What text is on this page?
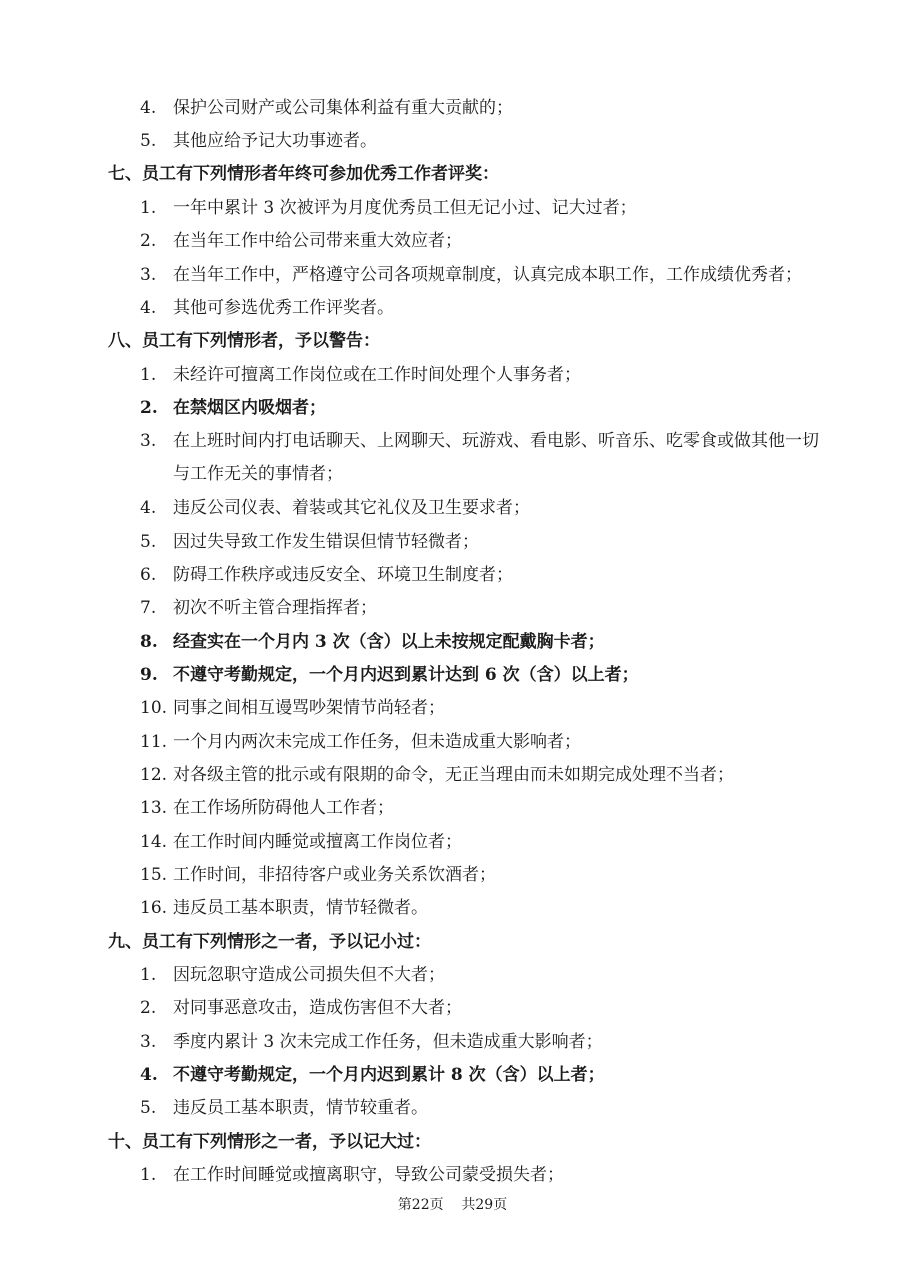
4. 保护公司财产或公司集体利益有重大贡献的；
5. 其他应给予记大功事迹者。
七、员工有下列情形者年终可参加优秀工作者评奖：
1. 一年中累计 3 次被评为月度优秀员工但无记小过、记大过者；
2. 在当年工作中给公司带来重大效应者；
3. 在当年工作中，严格遵守公司各项规章制度，认真完成本职工作，工作成绩优秀者；
4. 其他可参选优秀工作评奖者。
八、员工有下列情形者，予以警告：
1. 未经许可擅离工作岗位或在工作时间处理个人事务者；
2. 在禁烟区内吸烟者；
3. 在上班时间内打电话聊天、上网聊天、玩游戏、看电影、听音乐、吃零食或做其他一切
与工作无关的事情者；
4. 违反公司仪表、着装或其它礼仪及卫生要求者；
5. 因过失导致工作发生错误但情节轻微者；
6. 防碍工作秩序或违反安全、环境卫生制度者；
7. 初次不听主管合理指挥者；
8. 经查实在一个月内 3 次（含）以上未按规定配戴胸卡者；
9. 不遵守考勤规定，一个月内迟到累计达到 6 次（含）以上者；
10. 同事之间相互谩骂吵架情节尚轻者；
11. 一个月内两次未完成工作任务，但未造成重大影响者；
12. 对各级主管的批示或有限期的命令，无正当理由而未如期完成处理不当者；
13. 在工作场所防碍他人工作者；
14. 在工作时间内睡觉或擅离工作岗位者；
15. 工作时间，非招待客户或业务关系饮酒者；
16. 违反员工基本职责，情节轻微者。
九、员工有下列情形之一者，予以记小过：
1. 因玩忽职守造成公司损失但不大者；
2. 对同事恶意攻击，造成伤害但不大者；
3. 季度内累计 3 次未完成工作任务，但未造成重大影响者；
4. 不遵守考勤规定，一个月内迟到累计 8 次（含）以上者；
5. 违反员工基本职责，情节较重者。
十、员工有下列情形之一者，予以记大过：
1. 在工作时间睡觉或擅离职守，导致公司蒙受损失者；
第22页    共29页
